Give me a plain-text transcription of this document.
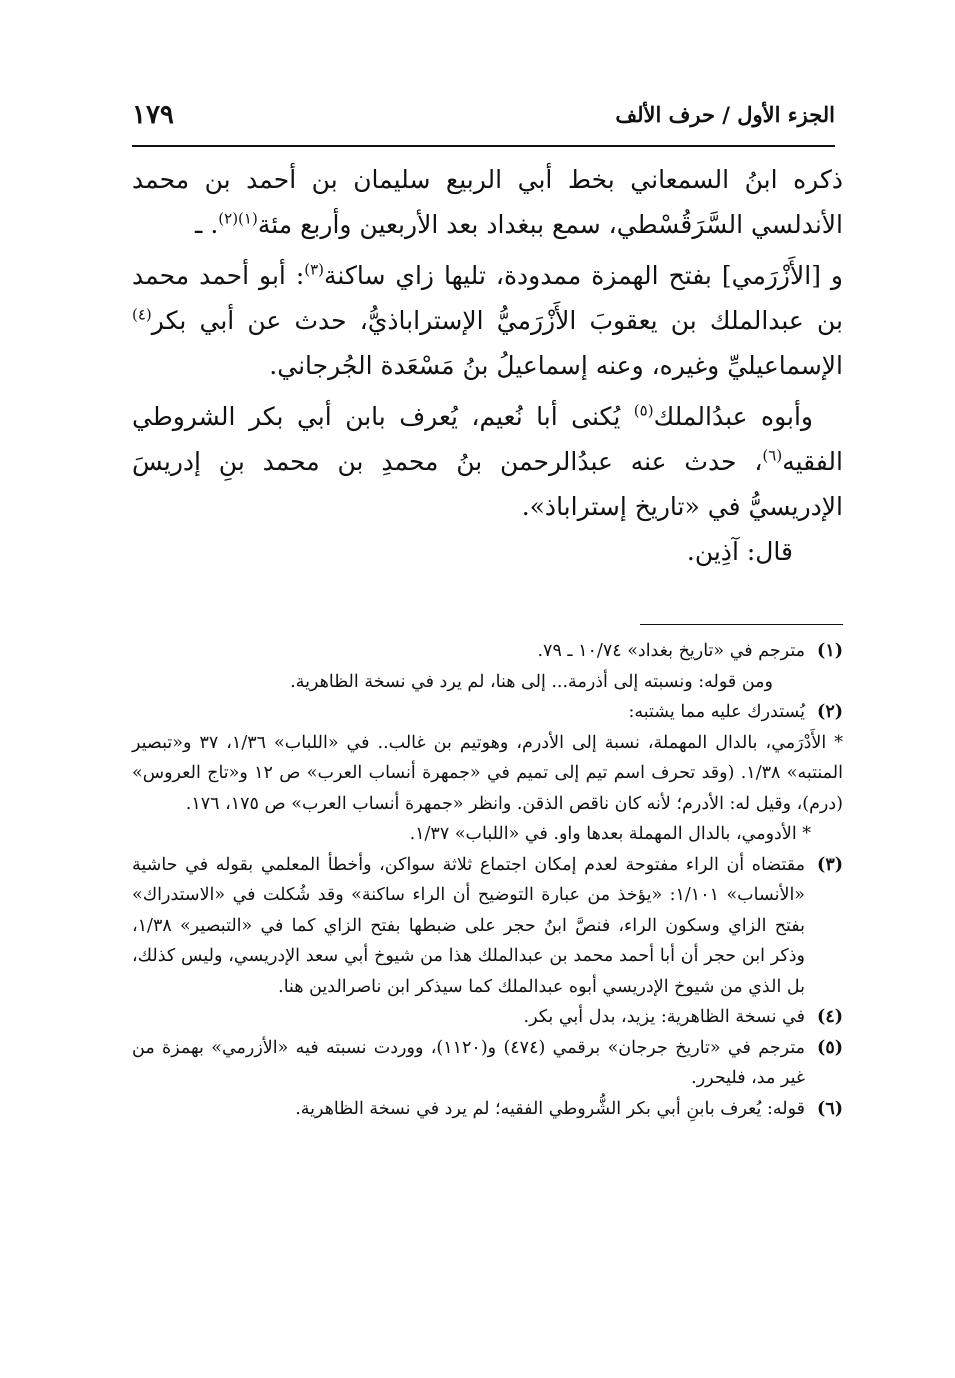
الجزء الأول / حرف الألف
١٧٩

ذكره ابنُ السمعاني بخط أبي الربيع سليمان بن أحمد بن محمد الأندلسي السَّرَقُسْطي، سمع ببغداد بعد الأربعين وأربع مئة$^{(١)(٢)}$. ـ

و [الأَزْرَمي] بفتح الهمزة ممدودة، تليها زاي ساكنة$^{(٣)}$: أبو أحمد محمد بن عبدالملك بن يعقوبَ الأَزْرَميُّ الإستراباذيُّ، حدث عن أبي بكر$^{(٤)}$ الإسماعيليِّ وغيره، وعنه إسماعيلُ بنُ مَسْعَدة الجُرجاني.

وأبوه عبدُالملك$^{(٥)}$ يُكنى أبا نُعيم، يُعرف بابن أبي بكر الشروطي الفقيه$^{(٦)}$، حدث عنه عبدُالرحمن بنُ محمدِ بن محمد بنِ إدريسَ الإدريسيُّ في «تاريخ إستراباذ».

قال: آذِين.

(١)
مترجم في «تاريخ بغداد» ١٠/٧٤ ـ ٧٩.
ومن قوله: ونسبته إلى أذرمة... إلى هنا، لم يرد في نسخة الظاهرية.
(٢)
يُستدرك عليه مما يشتبه:
* الأَدْرَمي، بالدال المهملة، نسبة إلى الأدرم، وهوتيم بن غالب.. في «اللباب» ١/٣٦، ٣٧ و«تبصير المنتبه» ١/٣٨. (وقد تحرف اسم تيم إلى تميم في «جمهرة أنساب العرب» ص ١٢ و«تاج العروس» (درم)، وقيل له: الأدرم؛ لأنه كان ناقص الذقن. وانظر «جمهرة أنساب العرب» ص ١٧٥، ١٧٦.
* الأدومي، بالدال المهملة بعدها واو. في «اللباب» ١/٣٧.
(٣)
مقتضاه أن الراء مفتوحة لعدم إمكان اجتماع ثلاثة سواكن، وأخطأ المعلمي بقوله في حاشية «الأنساب» ١/١٠١: «يؤخذ من عبارة التوضيح أن الراء ساكنة» وقد شُكلت في «الاستدراك» بفتح الزاي وسكون الراء، فنصَّ ابنُ حجر على ضبطها بفتح الزاي كما في «التبصير» ١/٣٨، وذكر ابن حجر أن أبا أحمد محمد بن عبدالملك هذا من شيوخ أبي سعد الإدريسي، وليس كذلك، بل الذي من شيوخ الإدريسي أبوه عبدالملك كما سيذكر ابن ناصرالدين هنا.
(٤)
في نسخة الظاهرية: يزيد، بدل أبي بكر.
(٥)
مترجم في «تاريخ جرجان» برقمي (٤٧٤) و(١١٢٠)، ووردت نسبته فيه «الأزرمي» بهمزة من غير مد، فليحرر.
(٦)
قوله: يُعرف بابنِ أبي بكر الشُّروطي الفقيه؛ لم يرد في نسخة الظاهرية.
